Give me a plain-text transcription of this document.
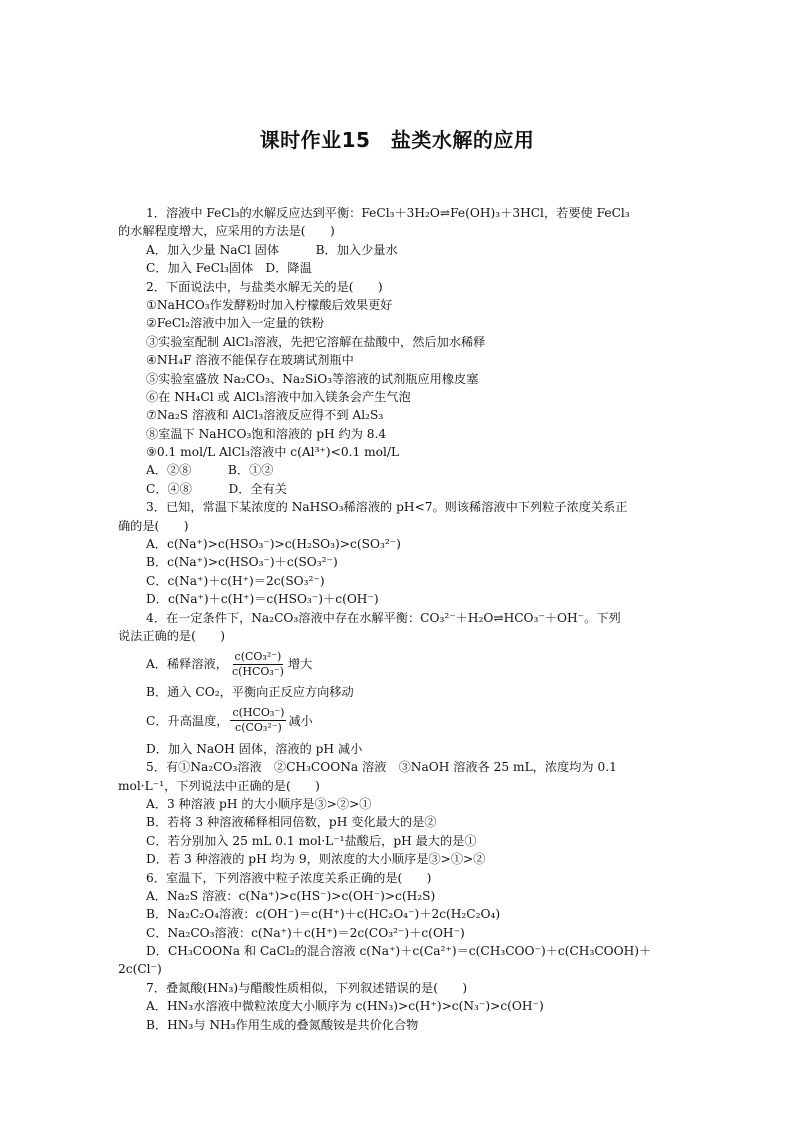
课时作业15　盐类水解的应用
1．溶液中 FeCl₃的水解反应达到平衡：FeCl₃＋3H₂O⇌Fe(OH)₃＋3HCl，若要使 FeCl₃
的水解程度增大，应采用的方法是(　　)
A．加入少量 NaCl 固体　　　B．加入少量水
C．加入 FeCl₃固体　D．降温
2．下面说法中，与盐类水解无关的是(　　)
①NaHCO₃作发酵粉时加入柠檬酸后效果更好
②FeCl₂溶液中加入一定量的铁粉
③实验室配制 AlCl₃溶液，先把它溶解在盐酸中，然后加水稀释
④NH₄F 溶液不能保存在玻璃试剂瓶中
⑤实验室盛放 Na₂CO₃、Na₂SiO₃等溶液的试剂瓶应用橡皮塞
⑥在 NH₄Cl 或 AlCl₃溶液中加入镁条会产生气泡
⑦Na₂S 溶液和 AlCl₃溶液反应得不到 Al₂S₃
⑧室温下 NaHCO₃饱和溶液的 pH 约为 8.4
⑨0.1 mol/L AlCl₃溶液中 c(Al³⁺)<0.1 mol/L
A．②⑧　　　B．①②
C．④⑧　　　D．全有关
3．已知，常温下某浓度的 NaHSO₃稀溶液的 pH<7。则该稀溶液中下列粒子浓度关系正
确的是(　　)
A．c(Na⁺)>c(HSO₃⁻)>c(H₂SO₃)>c(SO₃²⁻)
B．c(Na⁺)>c(HSO₃⁻)＋c(SO₃²⁻)
C．c(Na⁺)＋c(H⁺)＝2c(SO₃²⁻)
D．c(Na⁺)＋c(H⁺)＝c(HSO₃⁻)＋c(OH⁻)
4．在一定条件下，Na₂CO₃溶液中存在水解平衡：CO₃²⁻＋H₂O⇌HCO₃⁻＋OH⁻。下列
说法正确的是(　　)
A．稀释溶液， $\frac{\text{c(CO₃²⁻)}}{\text{c(HCO₃⁻)}}$ 增大
B．通入 CO₂，平衡向正反应方向移动
C．升高温度， $\frac{\text{c(HCO₃⁻)}}{\text{c(CO₃²⁻)}}$ 减小
D．加入 NaOH 固体，溶液的 pH 减小
5．有①Na₂CO₃溶液　②CH₃COONa 溶液　③NaOH 溶液各 25 mL，浓度均为 0.1
mol·L⁻¹，下列说法中正确的是(　　)
A．3 种溶液 pH 的大小顺序是③>②>①
B．若将 3 种溶液稀释相同倍数，pH 变化最大的是②
C．若分别加入 25 mL 0.1 mol·L⁻¹盐酸后，pH 最大的是①
D．若 3 种溶液的 pH 均为 9，则浓度的大小顺序是③>①>②
6．室温下，下列溶液中粒子浓度关系正确的是(　　)
A．Na₂S 溶液：c(Na⁺)>c(HS⁻)>c(OH⁻)>c(H₂S)
B．Na₂C₂O₄溶液：c(OH⁻)＝c(H⁺)＋c(HC₂O₄⁻)＋2c(H₂C₂O₄)
C．Na₂CO₃溶液：c(Na⁺)＋c(H⁺)＝2c(CO₃²⁻)＋c(OH⁻)
D．CH₃COONa 和 CaCl₂的混合溶液 c(Na⁺)＋c(Ca²⁺)＝c(CH₃COO⁻)＋c(CH₃COOH)＋
2c(Cl⁻)
7．叠氮酸(HN₃)与醋酸性质相似，下列叙述错误的是(　　)
A．HN₃水溶液中微粒浓度大小顺序为 c(HN₃)>c(H⁺)>c(N₃⁻)>c(OH⁻)
B．HN₃与 NH₃作用生成的叠氮酸铵是共价化合物
